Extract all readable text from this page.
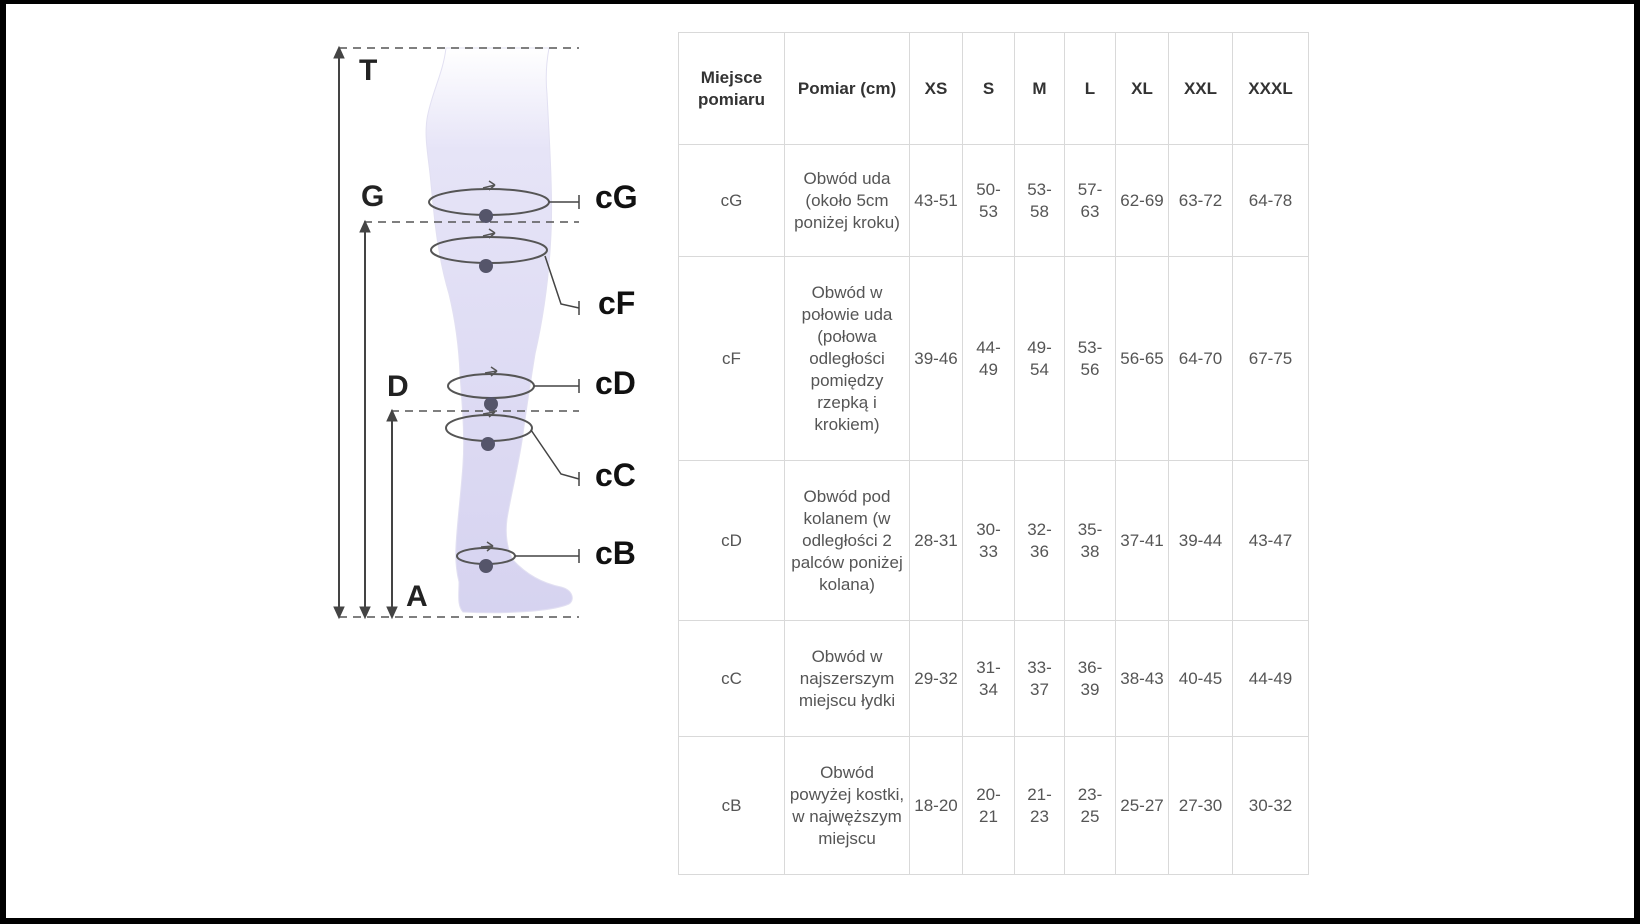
T
G
D
A
cG
cF
cD
cC
cB
Miejsce pomiaru	Pomiar (cm)	XS	S	M	L	XL	XXL	XXXL
cG	Obwód uda (około 5cm poniżej kroku)	43-51	50-53	53-58	57-63	62-69	63-72	64-78
cF	Obwód w połowie uda (połowa odległości pomiędzy rzepką i krokiem)	39-46	44-49	49-54	53-56	56-65	64-70	67-75
cD	Obwód pod kolanem (w odległości 2 palców poniżej kolana)	28-31	30-33	32-36	35-38	37-41	39-44	43-47
cC	Obwód w najszerszym miejscu łydki	29-32	31-34	33-37	36-39	38-43	40-45	44-49
cB	Obwód powyżej kostki, w najwęższym miejscu	18-20	20-21	21-23	23-25	25-27	27-30	30-32
